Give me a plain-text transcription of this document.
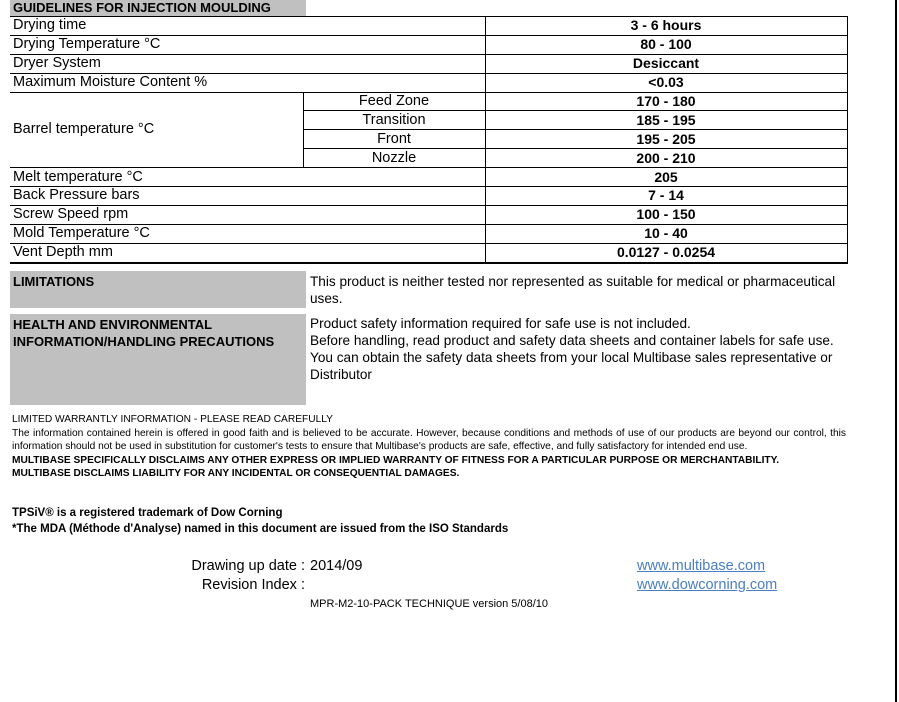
GUIDELINES FOR INJECTION MOULDING
Drying time		3 - 6 hours
Drying Temperature °C		80 - 100
Dryer System		Desiccant
Maximum Moisture Content %		<0.03
Barrel temperature °C	Feed Zone	170 - 180
	Transition	185 - 195
	Front	195 - 205
	Nozzle	200 - 210
Melt temperature °C		205
Back Pressure bars		7 - 14
Screw Speed rpm		100 - 150
Mold Temperature °C		10 - 40
Vent Depth mm		0.0127 - 0.0254
LIMITATIONS	This product is neither tested nor represented as suitable for medical or pharmaceutical uses.
HEALTH AND ENVIRONMENTAL INFORMATION/HANDLING PRECAUTIONS
Product safety information required for safe use is not included.
Before handling, read product and safety data sheets and container labels for safe use.
You can obtain the safety data sheets from your local Multibase sales representative or Distributor
LIMITED WARRANTLY INFORMATION - PLEASE READ CAREFULLY
The information contained herein is offered in good faith and is believed to be accurate. However, because conditions and methods of use of our products are beyond our control, this information should not be used in substitution for customer's tests to ensure that Multibase's products are safe, effective, and fully satisfactory for intended end use.
MULTIBASE SPECIFICALLY DISCLAIMS ANY OTHER EXPRESS OR IMPLIED WARRANTY OF FITNESS FOR A PARTICULAR PURPOSE OR MERCHANTABILITY.
MULTIBASE DISCLAIMS LIABILITY FOR ANY INCIDENTAL OR CONSEQUENTIAL DAMAGES.
TPSiV® is a registered trademark of Dow Corning
*The MDA (Méthode d'Analyse) named in this document are issued from the ISO Standards
Drawing up date : 2014/09
Revision Index :
www.multibase.com
www.dowcorning.com
MPR-M2-10-PACK TECHNIQUE version 5/08/10
